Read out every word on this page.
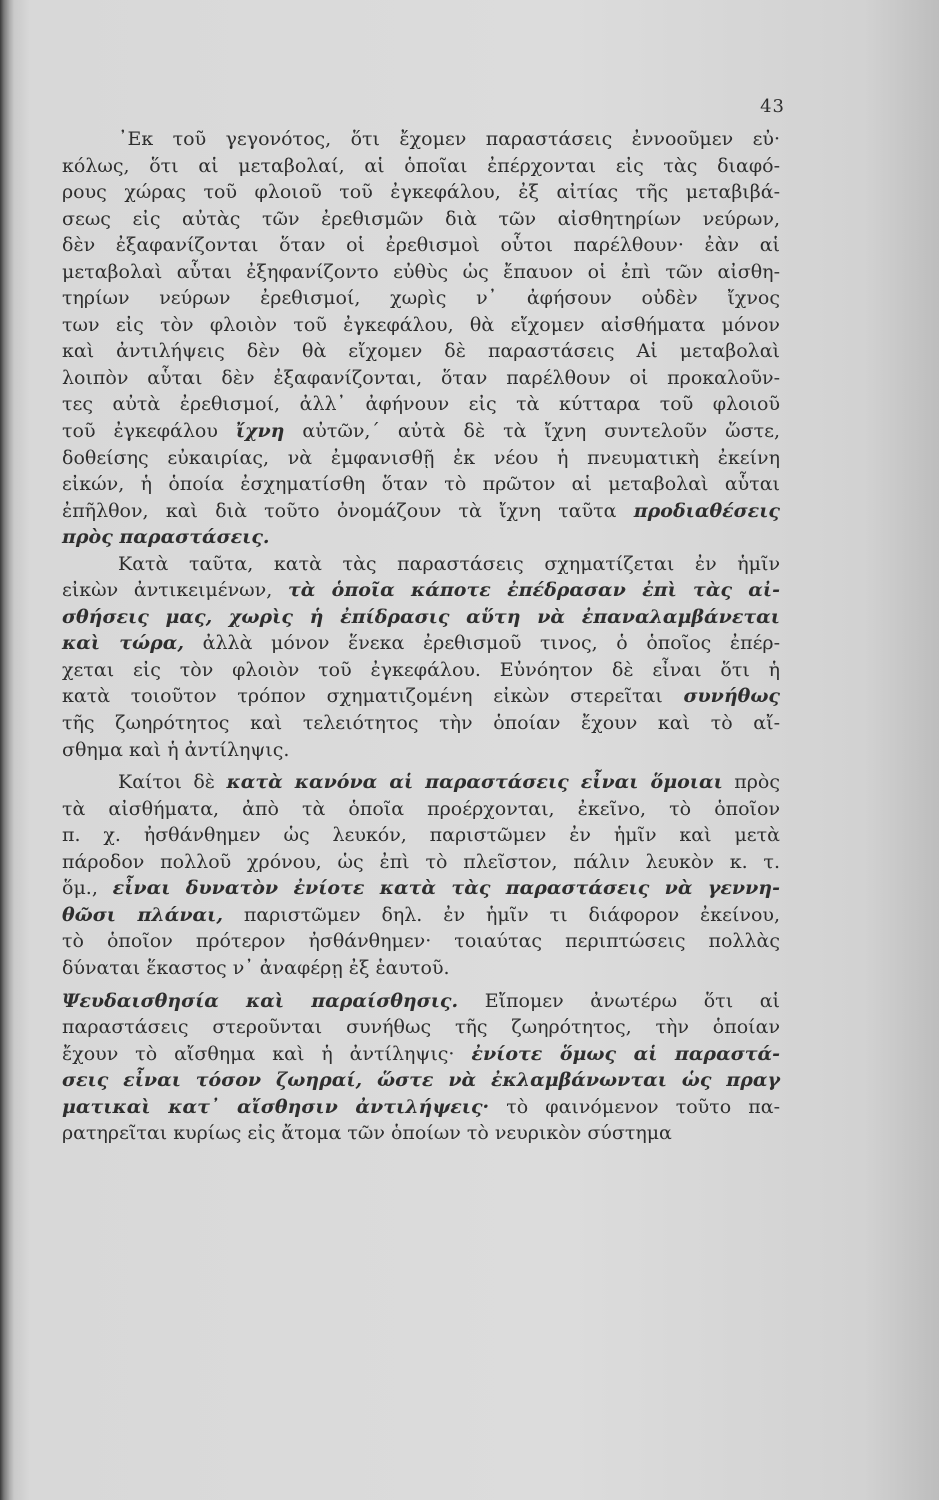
43
᾿Εκ τοῦ γεγονότος, ὅτι ἔχομεν παραστάσεις ἐννοοῦμεν εὐ·
κόλως, ὅτι αἱ μεταβολαί, αἱ ὁποῖαι ἐπέρχονται εἰς τὰς διαφό-
ρους χώρας τοῦ φλοιοῦ τοῦ ἐγκεφάλου, ἐξ αἰτίας τῆς μεταβιβά-
σεως εἰς αὐτὰς τῶν ἐρεθισμῶν διὰ τῶν αἰσθητηρίων νεύρων,
δὲν ἐξαφανίζονται ὅταν οἱ ἐρεθισμοὶ οὗτοι παρέλθουν· ἐὰν αἱ
μεταβολαὶ αὗται ἐξηφανίζοντο εὐθὺς ὡς ἔπαυον οἱ ἐπὶ τῶν αἰσθη-
τηρίων νεύρων ἐρεθισμοί, χωρὶς ν᾿ ἀφήσουν οὐδὲν ἴχνος
των εἰς τὸν φλοιὸν τοῦ ἐγκεφάλου, θὰ εἴχομεν αἰσθήματα μόνον
καὶ ἀντιλήψεις δὲν θὰ εἴχομεν δὲ παραστάσεις Αἱ μεταβολαὶ
λοιπὸν αὗται δὲν ἐξαφανίζονται, ὅταν παρέλθουν οἱ προκαλοῦν-
τες αὐτὰ ἐρεθισμοί, ἀλλ᾿ ἀφήνουν εἰς τὰ κύτταρα τοῦ φλοιοῦ
τοῦ ἐγκεφάλου ἴχνη αὐτῶν,´ αὐτὰ δὲ τὰ ἴχνη συντελοῦν ὥστε,
δοθείσης εὐκαιρίας, νὰ ἐμφανισθῇ ἐκ νέου ἡ πνευματικὴ ἐκείνη
εἰκών, ἡ ὁποία ἐσχηματίσθη ὅταν τὸ πρῶτον αἱ μεταβολαὶ αὗται
ἐπῆλθον, καὶ διὰ τοῦτο ὀνομάζουν τὰ ἴχνη ταῦτα προδιαθέσεις
πρὸς παραστάσεις.
Κατὰ ταῦτα, κατὰ τὰς παραστάσεις σχηματίζεται ἐν ἡμῖν
εἰκὼν ἀντικειμένων, τὰ ὁποῖα κάποτε ἐπέδρασαν ἐπὶ τὰς αἰ-
σθήσεις μας, χωρὶς ἡ ἐπίδρασις αὕτη νὰ ἐπαναλαμβάνεται
καὶ τώρα, ἀλλὰ μόνον ἕνεκα ἐρεθισμοῦ τινος, ὁ ὁποῖος ἐπέρ-
χεται εἰς τὸν φλοιὸν τοῦ ἐγκεφάλου. Εὐνόητον δὲ εἶναι ὅτι ἡ
κατὰ τοιοῦτον τρόπον σχηματιζομένη εἰκὼν στερεῖται συνήθως
τῆς ζωηρότητος καὶ τελειότητος τὴν ὁποίαν ἔχουν καὶ τὸ αἴ-
σθημα καὶ ἡ ἀντίληψις.
Καίτοι δὲ κατὰ κανόνα αἱ παραστάσεις εἶναι ὅμοιαι πρὸς
τὰ αἰσθήματα, ἀπὸ τὰ ὁποῖα προέρχονται, ἐκεῖνο, τὸ ὁποῖον
π. χ. ἠσθάνθημεν ὡς λευκόν, παριστῶμεν ἐν ἡμῖν καὶ μετὰ
πάροδον πολλοῦ χρόνου, ὡς ἐπὶ τὸ πλεῖστον, πάλιν λευκὸν κ. τ.
ὅμ., εἶναι δυνατὸν ἐνίοτε κατὰ τὰς παραστάσεις νὰ γεννη-
θῶσι πλάναι, παριστῶμεν δηλ. ἐν ἡμῖν τι διάφορον ἐκείνου,
τὸ ὁποῖον πρότερον ἠσθάνθημεν· τοιαύτας περιπτώσεις πολλὰς
δύναται ἕκαστος ν᾿ ἀναφέρῃ ἐξ ἑαυτοῦ.
Ψευδαισθησία καὶ παραίσθησις. Εἴπομεν ἀνωτέρω ὅτι αἱ
παραστάσεις στεροῦνται συνήθως τῆς ζωηρότητος, τὴν ὁποίαν
ἔχουν τὸ αἴσθημα καὶ ἡ ἀντίληψις· ἐνίοτε ὅμως αἱ παραστά-
σεις εἶναι τόσον ζωηραί, ὥστε νὰ ἐκλαμβάνωνται ὡς πραγ
ματικαὶ κατ᾿ αἴσθησιν ἀντιλήψεις· τὸ φαινόμενον τοῦτο πα-
ρατηρεῖται κυρίως εἰς ἄτομα τῶν ὁποίων τὸ νευρικὸν σύστημα
